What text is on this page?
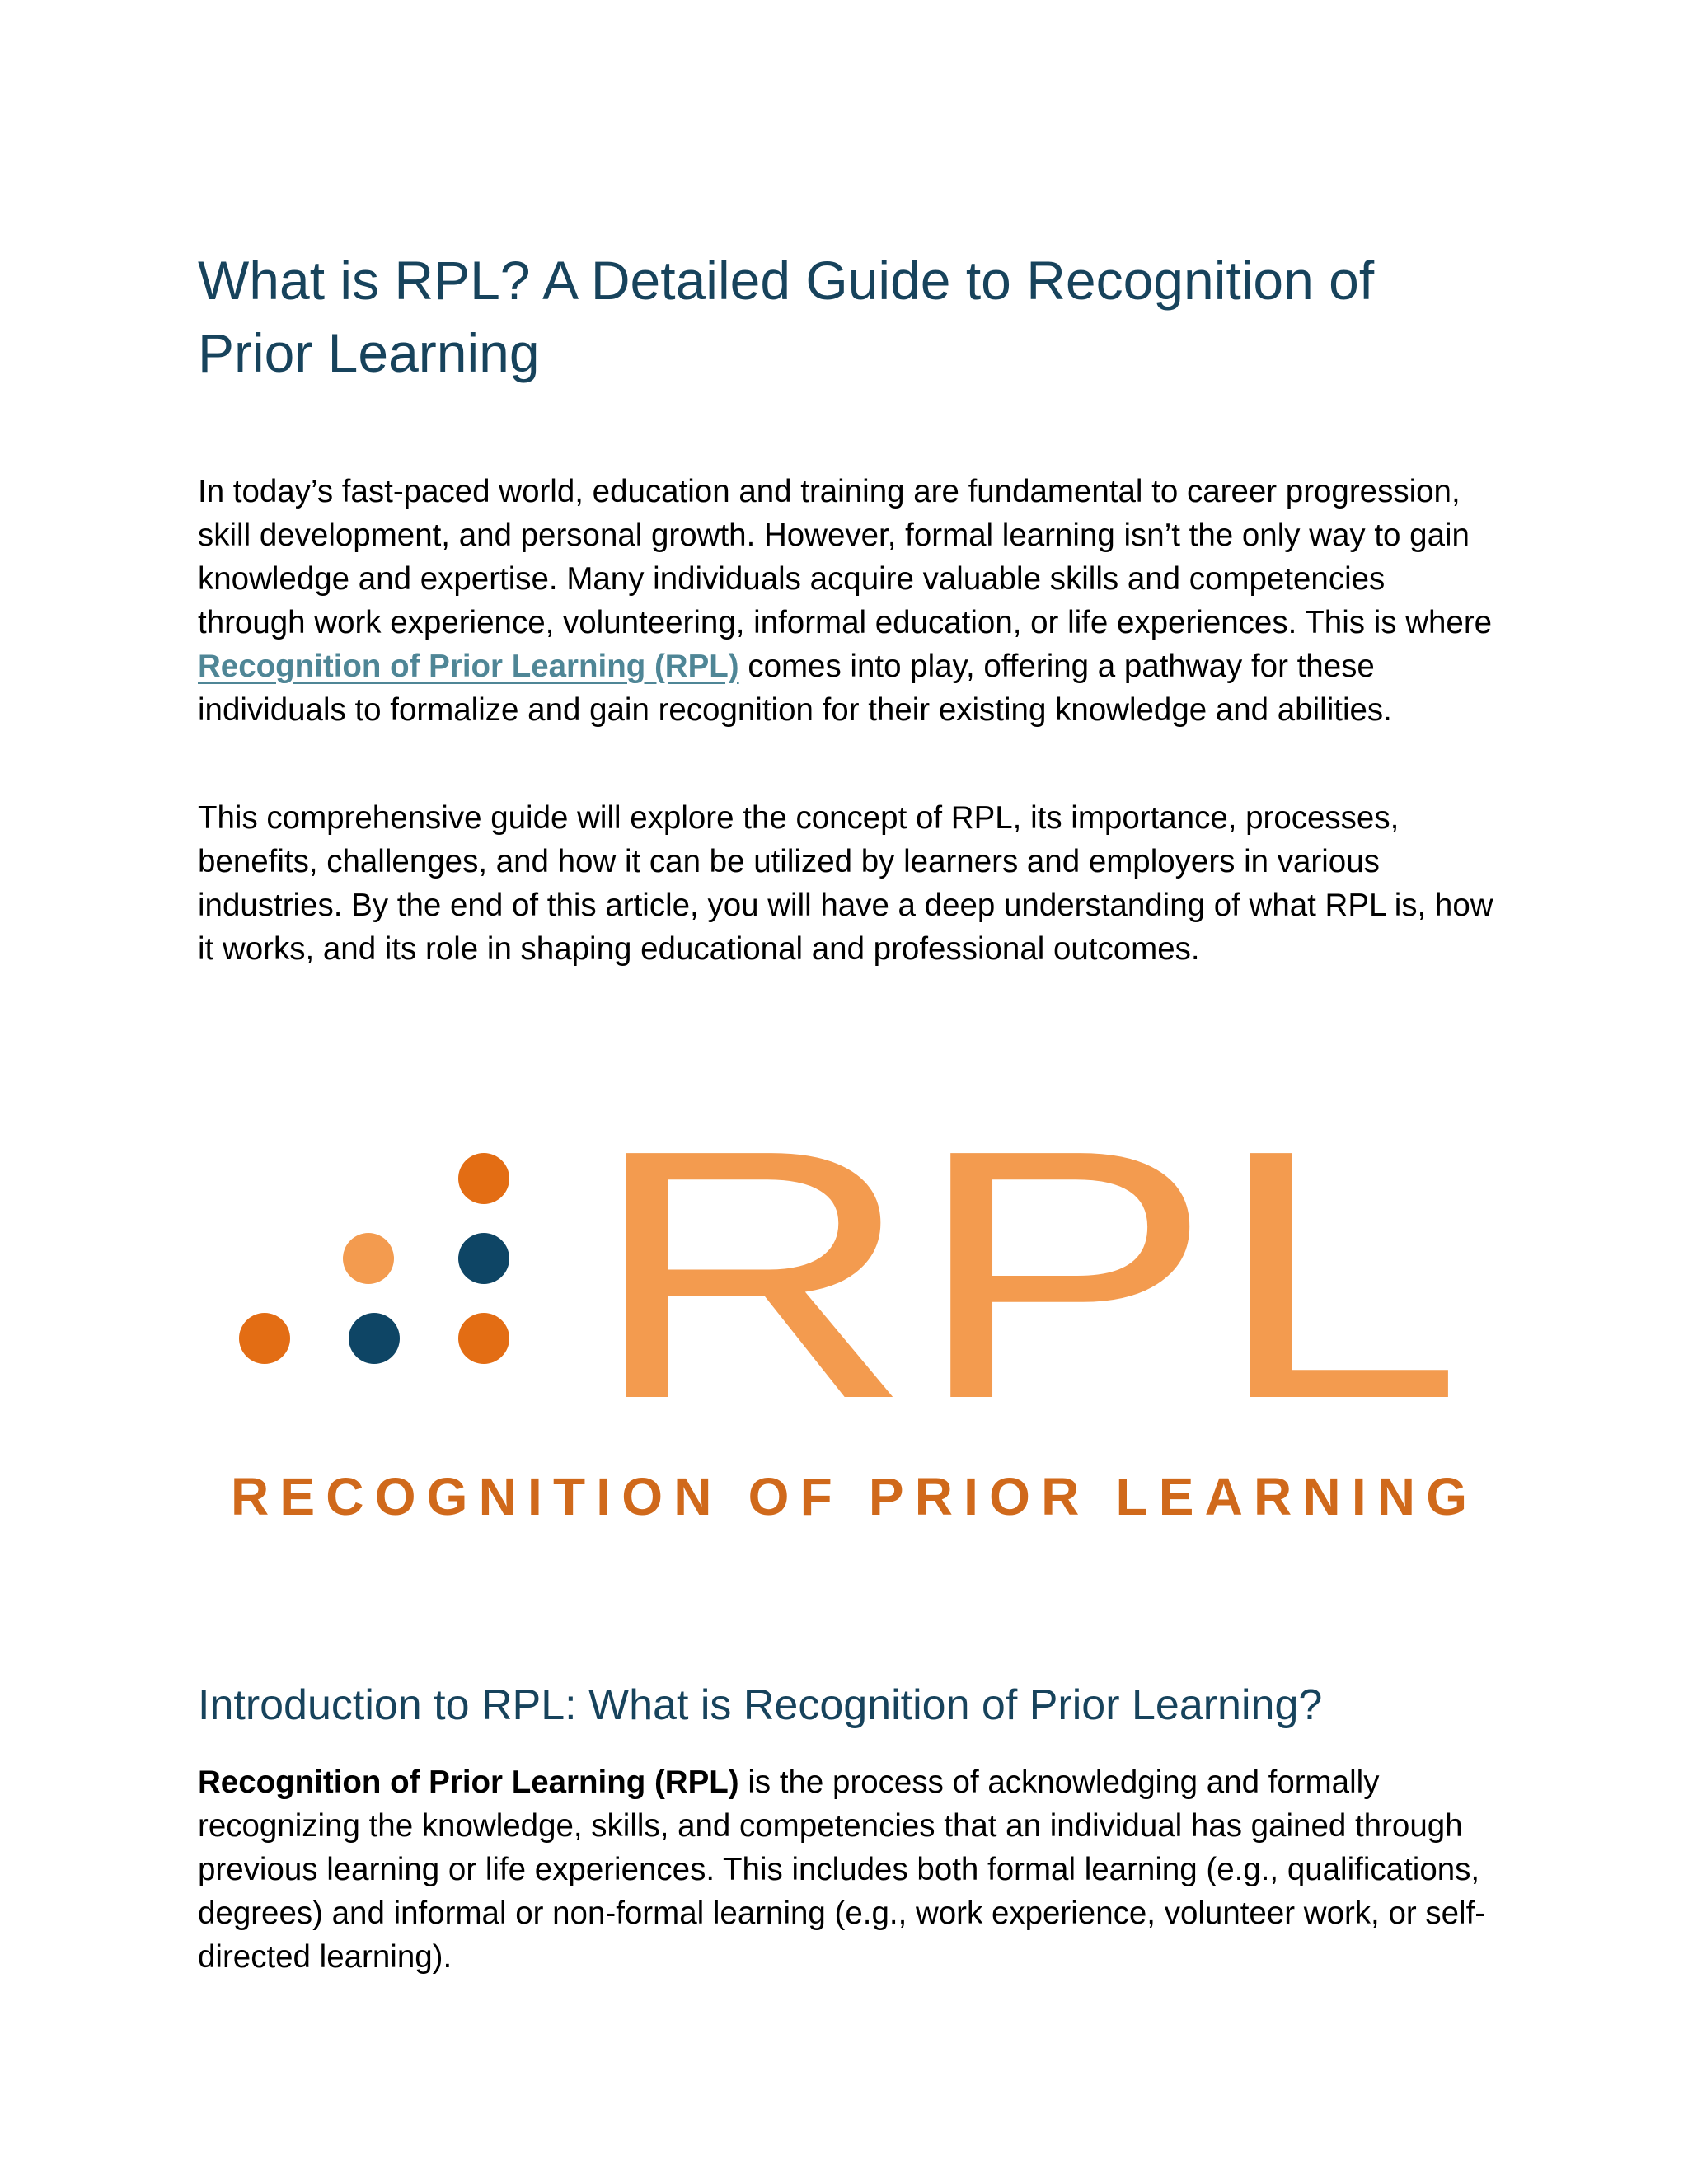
What is RPL? A Detailed Guide to Recognition of Prior Learning

In today’s fast-paced world, education and training are fundamental to career progression, skill development, and personal growth. However, formal learning isn’t the only way to gain knowledge and expertise. Many individuals acquire valuable skills and competencies through work experience, volunteering, informal education, or life experiences. This is where Recognition of Prior Learning (RPL) comes into play, offering a pathway for these individuals to formalize and gain recognition for their existing knowledge and abilities.

This comprehensive guide will explore the concept of RPL, its importance, processes, benefits, challenges, and how it can be utilized by learners and employers in various industries. By the end of this article, you will have a deep understanding of what RPL is, how it works, and its role in shaping educational and professional outcomes.

RPL
RECOGNITION OF PRIOR LEARNING
Introduction to RPL: What is Recognition of Prior Learning?

Recognition of Prior Learning (RPL) is the process of acknowledging and formally recognizing the knowledge, skills, and competencies that an individual has gained through previous learning or life experiences. This includes both formal learning (e.g., qualifications, degrees) and informal or non-formal learning (e.g., work experience, volunteer work, or self-directed learning).
